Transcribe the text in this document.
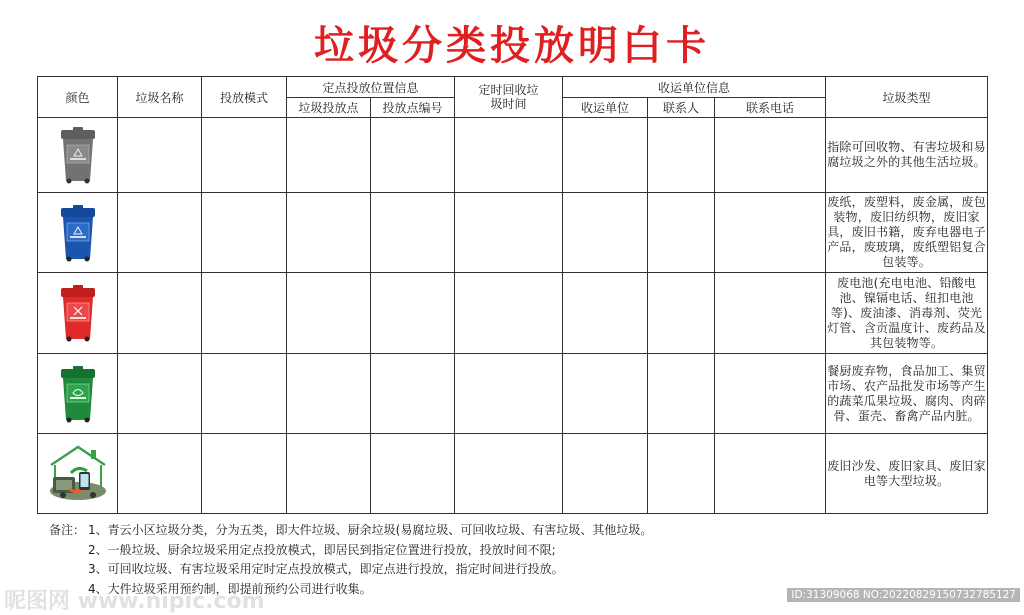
垃圾分类投放明白卡
颜色	垃圾名称	投放模式	定点投放位置信息		定时回收垃圾时间	收运单位信息			垃圾类型
			垃圾投放点	投放点编号		收运单位	联系人	联系电话	

									指除可回收物、有害垃圾和易腐垃圾之外的其他生活垃圾。

									废纸，废塑料，废金属，废包装物，废旧纺织物，废旧家具，废旧书籍，废弃电器电子产品，废玻璃，废纸塑铝复合包装等。

									废电池(充电电池、铅酸电池、镍镉电话、纽扣电池等)、废油漆、消毒剂、荧光灯管、含贡温度计、废药品及其包装物等。

									餐厨废弃物，食品加工、集贸市场、农产品批发市场等产生的蔬菜瓜果垃圾、腐肉、肉碎骨、蛋壳、畜禽产品内脏。

									废旧沙发、废旧家具、废旧家电等大型垃圾。
备注： 1、青云小区垃圾分类，分为五类，即大件垃圾、厨余垃圾(易腐垃圾、可回收垃圾、有害垃圾、其他垃圾。
2、一般垃圾、厨余垃圾采用定点投放模式，即居民到指定位置进行投放，投放时间不限;
3、可回收垃圾、有害垃圾采用定时定点投放模式，即定点进行投放，指定时间进行投放。
4、大件垃圾采用预约制，即提前预约公司进行收集。
昵图网 www.nipic.com	ID:31309068 NO:20220829150732785127
